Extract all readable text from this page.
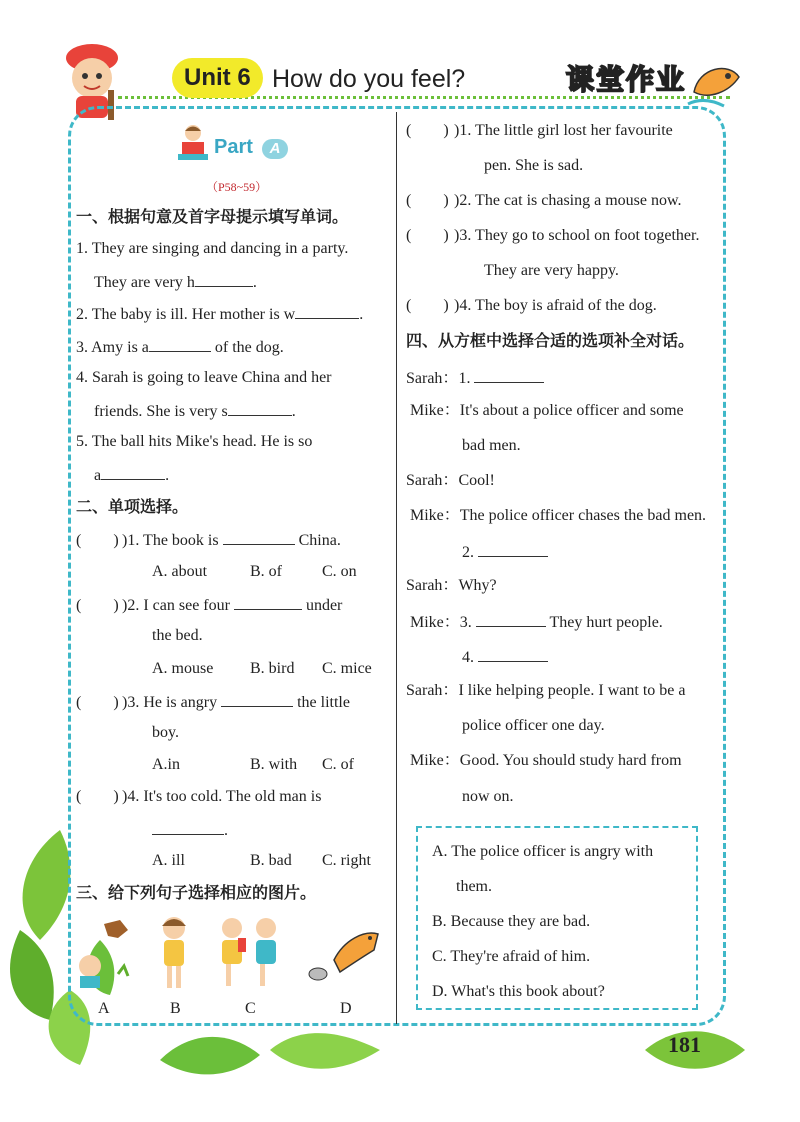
Unit 6 How do you feel?	课堂作业
Part	A
（P58~59）
一、根据句意及首字母提示填写单词。
1. They are singing and dancing in a party.
They are very h	.
2. The baby is ill. Her mother is w	.
3. Amy is a	of the dog.
4. Sarah is going to leave China and her
friends. She is very s	.
5. The ball hits Mike's head. He is so
a	.
二、单项选择。
(　　) )1. The book is	China.
A. about	B. of	C. on
(　　) )2. I can see four	under
the bed.
A. mouse B. bird C. mice
(　　) )3. He is angry	the little
boy.
A.in	B. with C. of
(　　) )4. It's too cold. The old man is
.
A. ill	B. bad C. right
三、给下列句子选择相应的图片。
A	B	C	D
(　　) )1. The little girl lost her favourite
pen. She is sad.
(　　) )2. The cat is chasing a mouse now.
(　　) )3. They go to school on foot together.
They are very happy.
(　　) )4. The boy is afraid of the dog.
四、从方框中选择合适的选项补全对话。
Sarah：1.
Mike：It's about a police officer and some
bad men.
Sarah：Cool!
Mike：The police officer chases the bad men.
2.
Sarah：Why?
Mike：3.	They hurt people.
4.
Sarah：I like helping people. I want to be a
police officer one day.
Mike：Good. You should study hard from
now on.
A. The police officer is angry with
them.
B. Because they are bad.
C. They're afraid of him.
D. What's this book about?
181
